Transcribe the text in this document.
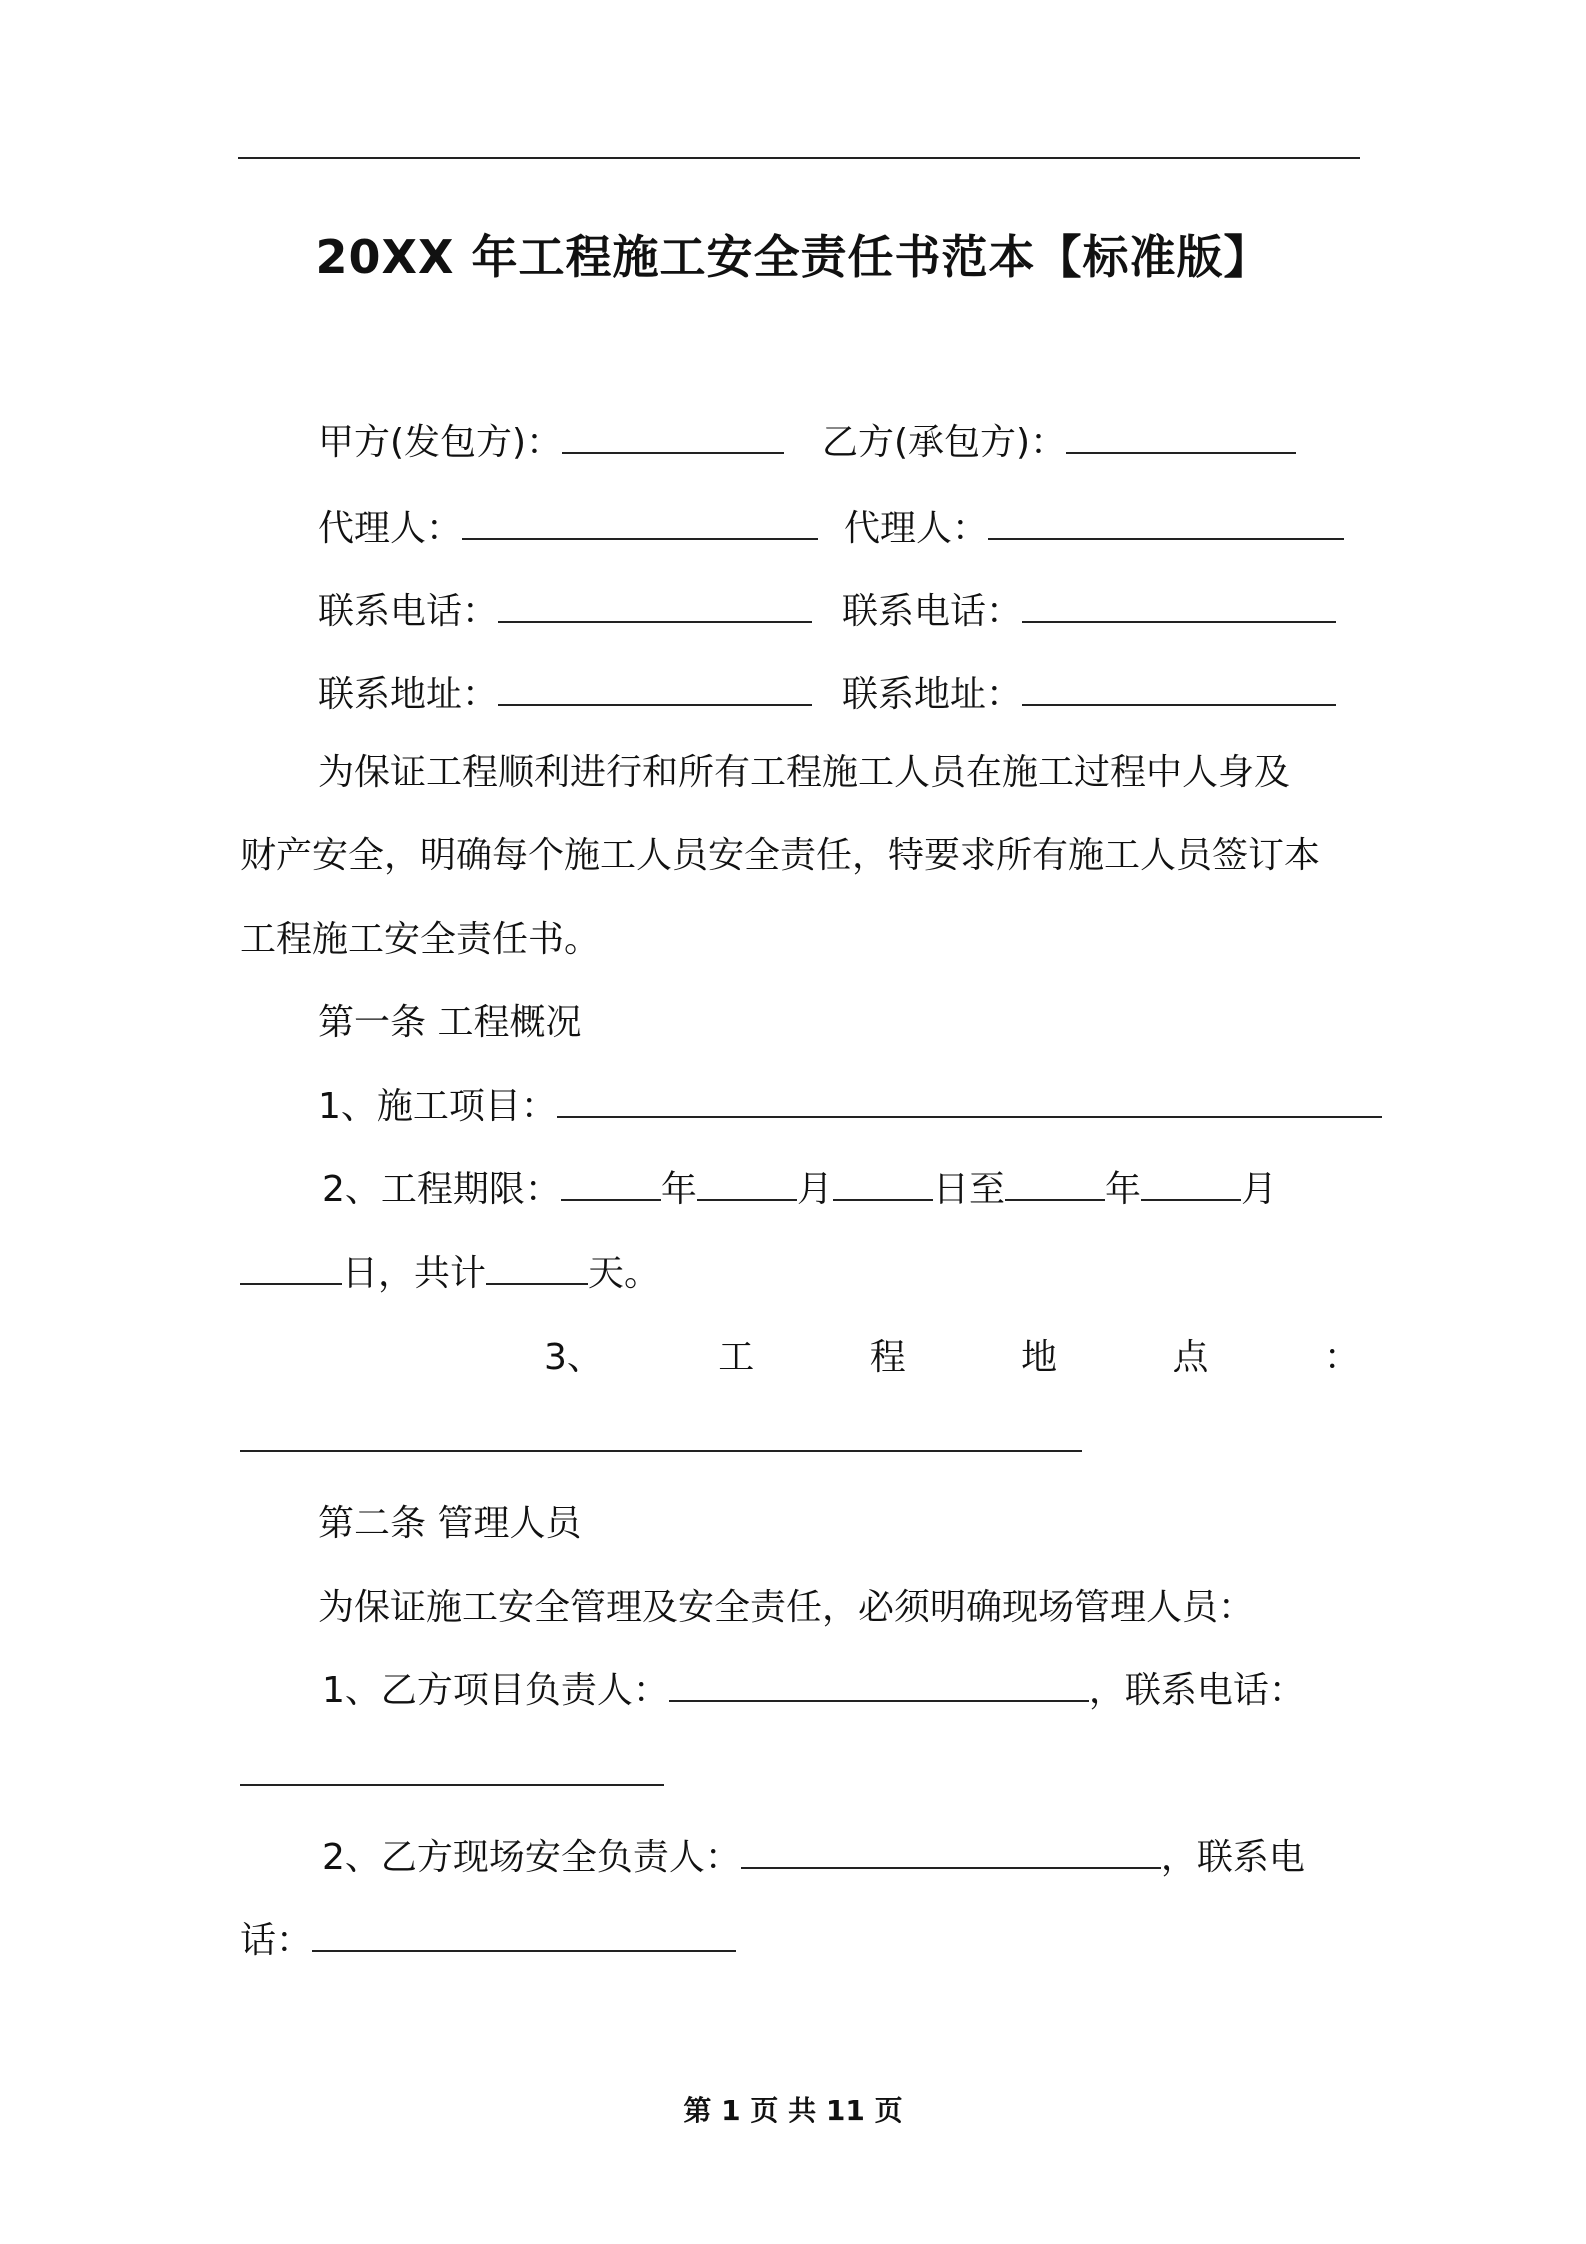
20XX 年工程施工安全责任书范本【标准版】
甲方(发包方)：	乙方(承包方)：
代理人：	代理人：
联系电话：	联系电话：
联系地址：	联系地址：
为保证工程顺利进行和所有工程施工人员在施工过程中人身及
财产安全，明确每个施工人员安全责任，特要求所有施工人员签订本
工程施工安全责任书。
第一条 工程概况
1、施工项目：
2、工程期限：	年	月	日至	年	月
日，共计	天。
3、	工	程	地	点	：
第二条 管理人员
为保证施工安全管理及安全责任，必须明确现场管理人员：
1、乙方项目负责人：	，联系电话：
2、乙方现场安全负责人：	，联系电
话：
第 1 页 共 11 页
